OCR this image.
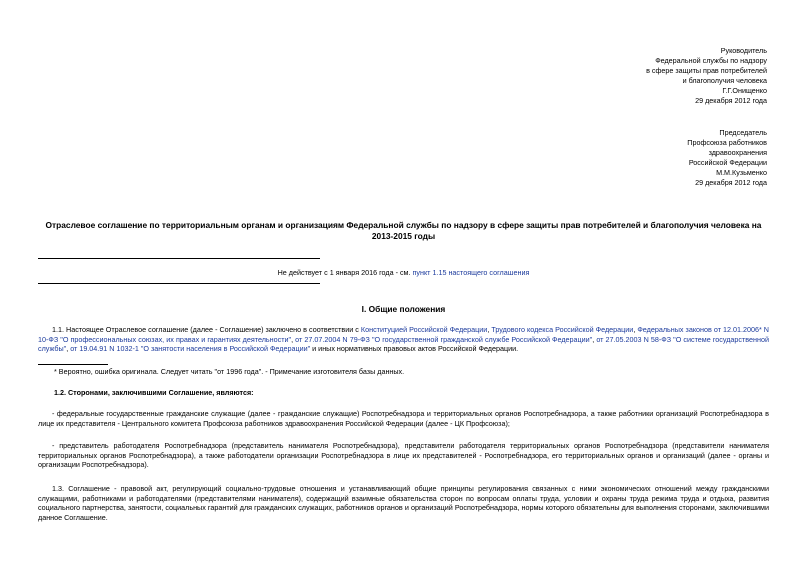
Руководитель
Федеральной службы по надзору
в сфере защиты прав потребителей
и благополучия человека
Г.Г.Онищенко
29 декабря 2012 года
Председатель
Профсоюза работников
здравоохранения
Российской Федерации
М.М.Кузьменко
29 декабря 2012 года
Отраслевое соглашение по территориальным органам и организациям Федеральной службы по надзору в сфере защиты прав потребителей и благополучия человека на 2013-2015 годы
Не действует с 1 января 2016 года - см. пункт 1.15 настоящего соглашения
I. Общие положения
1.1. Настоящее Отраслевое соглашение (далее - Соглашение) заключено в соответствии с Конституцией Российской Федерации, Трудового кодекса Российской Федерации, Федеральных законов от 12.01.2006* N 10-ФЗ "О профессиональных союзах, их правах и гарантиях деятельности", от 27.07.2004 N 79-ФЗ "О государственной гражданской службе Российской Федерации", от 27.05.2003 N 58-ФЗ "О системе государственной службы", от 19.04.91 N 1032-1 "О занятости населения в Российской Федерации" и иных нормативных правовых актов Российской Федерации.
* Вероятно, ошибка оригинала. Следует читать "от 1996 года". - Примечание изготовителя базы данных.
1.2. Сторонами, заключившими Соглашение, являются:
- федеральные государственные гражданские служащие (далее - гражданские служащие) Роспотребнадзора и территориальных органов Роспотребнадзора, а также работники организаций Роспотребнадзора в лице их представителя - Центрального комитета Профсоюза работников здравоохранения Российской Федерации (далее - ЦК Профсоюза);
- представитель работодателя Роспотребнадзора (представитель нанимателя Роспотребнадзора), представители работодателя территориальных органов Роспотребнадзора (представители нанимателя территориальных органов Роспотребнадзора), а также работодатели организации Роспотребнадзора в лице их представителей - Роспотребнадзора, его территориальных органов и организаций (далее - органы и организации Роспотребнадзора).
1.3. Соглашение - правовой акт, регулирующий социально-трудовые отношения и устанавливающий общие принципы регулирования связанных с ними экономических отношений между гражданскими служащими, работниками и работодателями (представителями нанимателя), содержащий взаимные обязательства сторон по вопросам оплаты труда, условии и охраны труда режима труда и отдыха, развития социального партнерства, занятости, социальных гарантий для гражданских служащих, работников органов и организаций Роспотребнадзора, нормы которого обязательны для выполнения сторонами, заключившими данное Соглашение.
